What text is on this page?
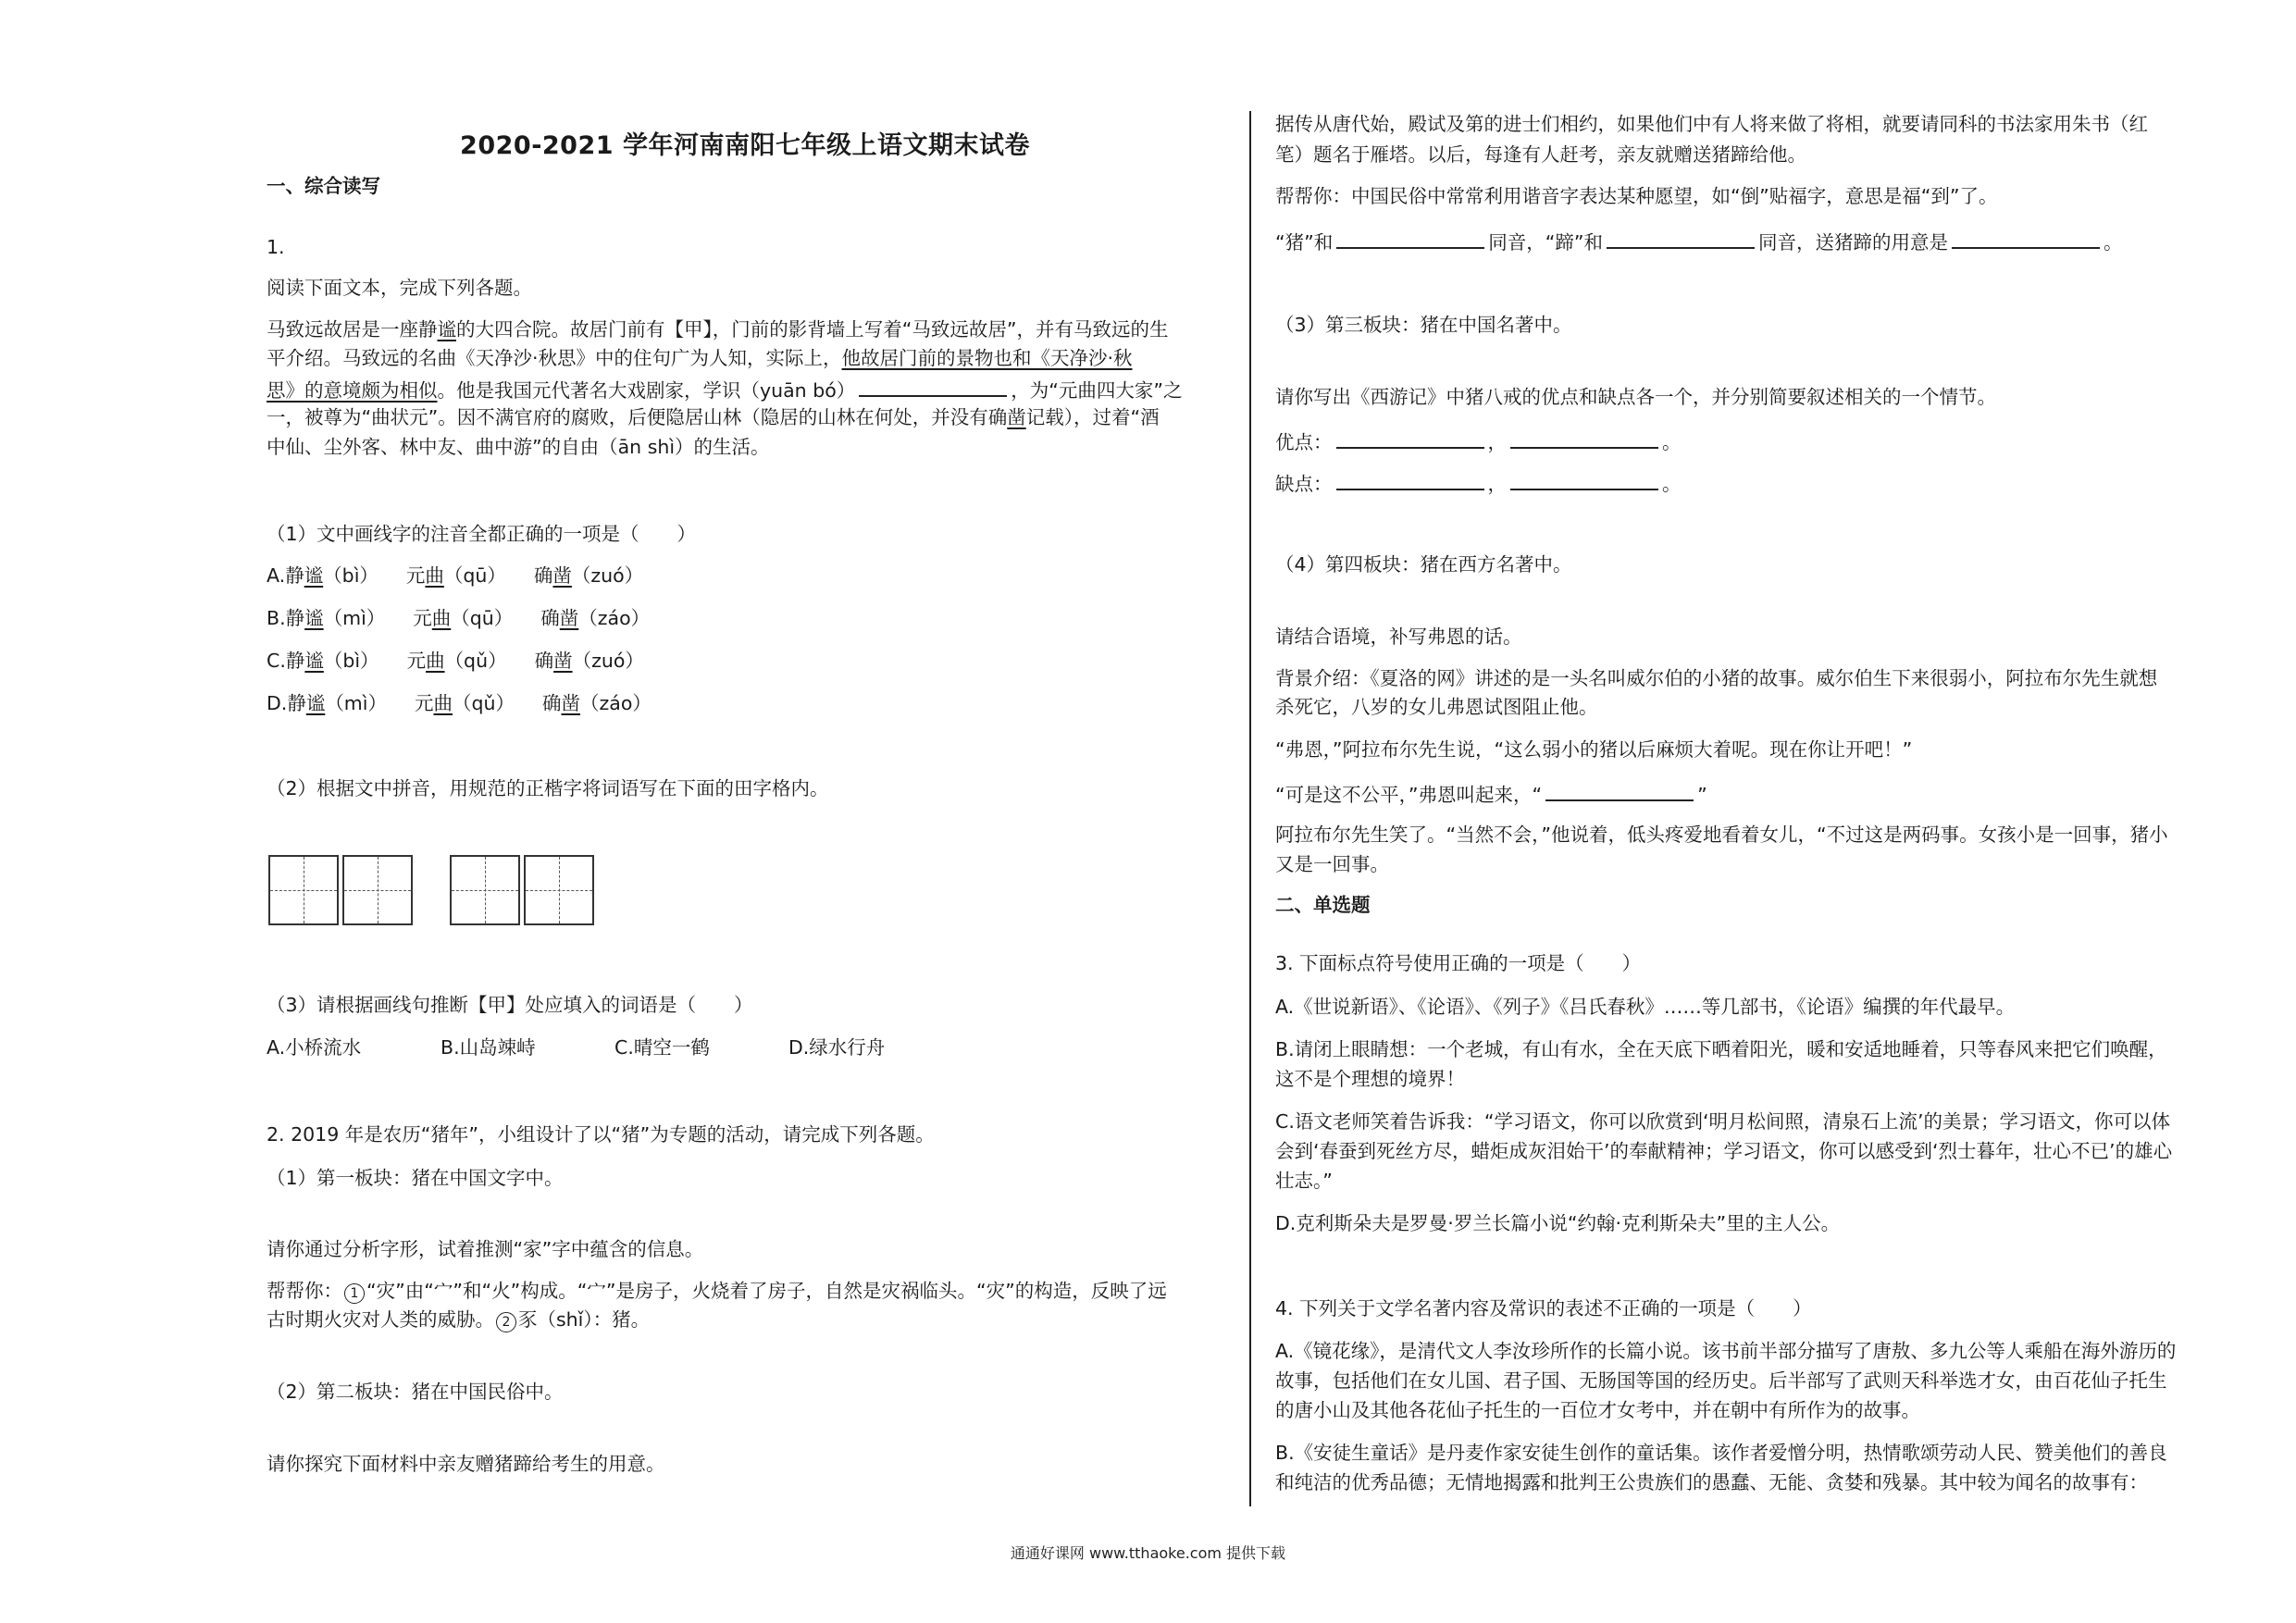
2020-2021 学年河南南阳七年级上语文期末试卷
一、综合读写
1.
阅读下面文本，完成下列各题。
马致远故居是一座静谧的大四合院。故居门前有【甲】，门前的影背墙上写着“马致远故居”，并有马致远的生
平介绍。马致远的名曲《天净沙·秋思》中的住句广为人知，实际上，他故居门前的景物也和《天净沙·秋
思》的意境颇为相似。他是我国元代著名大戏剧家，学识（yuān bó）	，为“元曲四大家”之
一，被尊为“曲状元”。因不满官府的腐败，后便隐居山林（隐居的山林在何处，并没有确凿记载），过着“酒
中仙、尘外客、林中友、曲中游”的自由（ān shì）的生活。
（1）文中画线字的注音全都正确的一项是（　　）
A.静谧（bì） 元曲（qū） 确凿（zuó）
B.静谧（mì） 元曲（qū） 确凿（záo）
C.静谧（bì） 元曲（qǔ） 确凿（zuó）
D.静谧（mì） 元曲（qǔ） 确凿（záo）
（2）根据文中拼音，用规范的正楷字将词语写在下面的田字格内。
（3）请根据画线句推断【甲】处应填入的词语是（　　）
A.小桥流水	B.山岛竦峙	C.晴空一鹤	D.绿水行舟
2. 2019 年是农历“猪年”，小组设计了以“猪”为专题的活动，请完成下列各题。
（1）第一板块：猪在中国文字中。
请你通过分析字形，试着推测“家”字中蕴含的信息。
帮帮你： 1 “灾”由“宀”和“火”构成。“宀”是房子，火烧着了房子，自然是灾祸临头。“灾”的构造，反映了远
古时期火灾对人类的威胁。 2 豕（shǐ）：猪。
（2）第二板块：猪在中国民俗中。
请你探究下面材料中亲友赠猪蹄给考生的用意。
据传从唐代始，殿试及第的进士们相约，如果他们中有人将来做了将相，就要请同科的书法家用朱书（红
笔）题名于雁塔。以后，每逢有人赶考，亲友就赠送猪蹄给他。
帮帮你：中国民俗中常常利用谐音字表达某种愿望，如“倒”贴福字，意思是福“到”了。
“猪”和	同音，“蹄”和	同音，送猪蹄的用意是	。
（3）第三板块：猪在中国名著中。
请你写出《西游记》中猪八戒的优点和缺点各一个，并分别简要叙述相关的一个情节。
优点：	，	。
缺点：	，	。
（4）第四板块：猪在西方名著中。
请结合语境，补写弗恩的话。
背景介绍：《夏洛的网》讲述的是一头名叫威尔伯的小猪的故事。威尔伯生下来很弱小，阿拉布尔先生就想
杀死它，八岁的女儿弗恩试图阻止他。
“弗恩，”阿拉布尔先生说，“这么弱小的猪以后麻烦大着呢。现在你让开吧！”
“可是这不公平，”弗恩叫起来，“	”
阿拉布尔先生笑了。“当然不会，”他说着，低头疼爱地看着女儿，“不过这是两码事。女孩小是一回事，猪小
又是一回事。
二、单选题
3. 下面标点符号使用正确的一项是（　　）
A.《世说新语》、《论语》、《列子》《吕氏春秋》……等几部书，《论语》编撰的年代最早。
B.请闭上眼睛想：一个老城，有山有水，全在天底下晒着阳光，暖和安适地睡着，只等春风来把它们唤醒，
这不是个理想的境界！
C.语文老师笑着告诉我：“学习语文，你可以欣赏到‘明月松间照，清泉石上流’的美景；学习语文，你可以体
会到‘春蚕到死丝方尽，蜡炬成灰泪始干’的奉献精神；学习语文，你可以感受到‘烈士暮年，壮心不已’的雄心
壮志。”
D.克利斯朵夫是罗曼·罗兰长篇小说“约翰·克利斯朵夫”里的主人公。
4. 下列关于文学名著内容及常识的表述不正确的一项是（　　）
A.《镜花缘》，是清代文人李汝珍所作的长篇小说。该书前半部分描写了唐敖、多九公等人乘船在海外游历的
故事，包括他们在女儿国、君子国、无肠国等国的经历史。后半部写了武则天科举选才女，由百花仙子托生
的唐小山及其他各花仙子托生的一百位才女考中，并在朝中有所作为的故事。
B.《安徒生童话》是丹麦作家安徒生创作的童话集。该作者爱憎分明，热情歌颂劳动人民、赞美他们的善良
和纯洁的优秀品德；无情地揭露和批判王公贵族们的愚蠢、无能、贪婪和残暴。其中较为闻名的故事有：
通通好课网 www.tthaoke.com 提供下载
